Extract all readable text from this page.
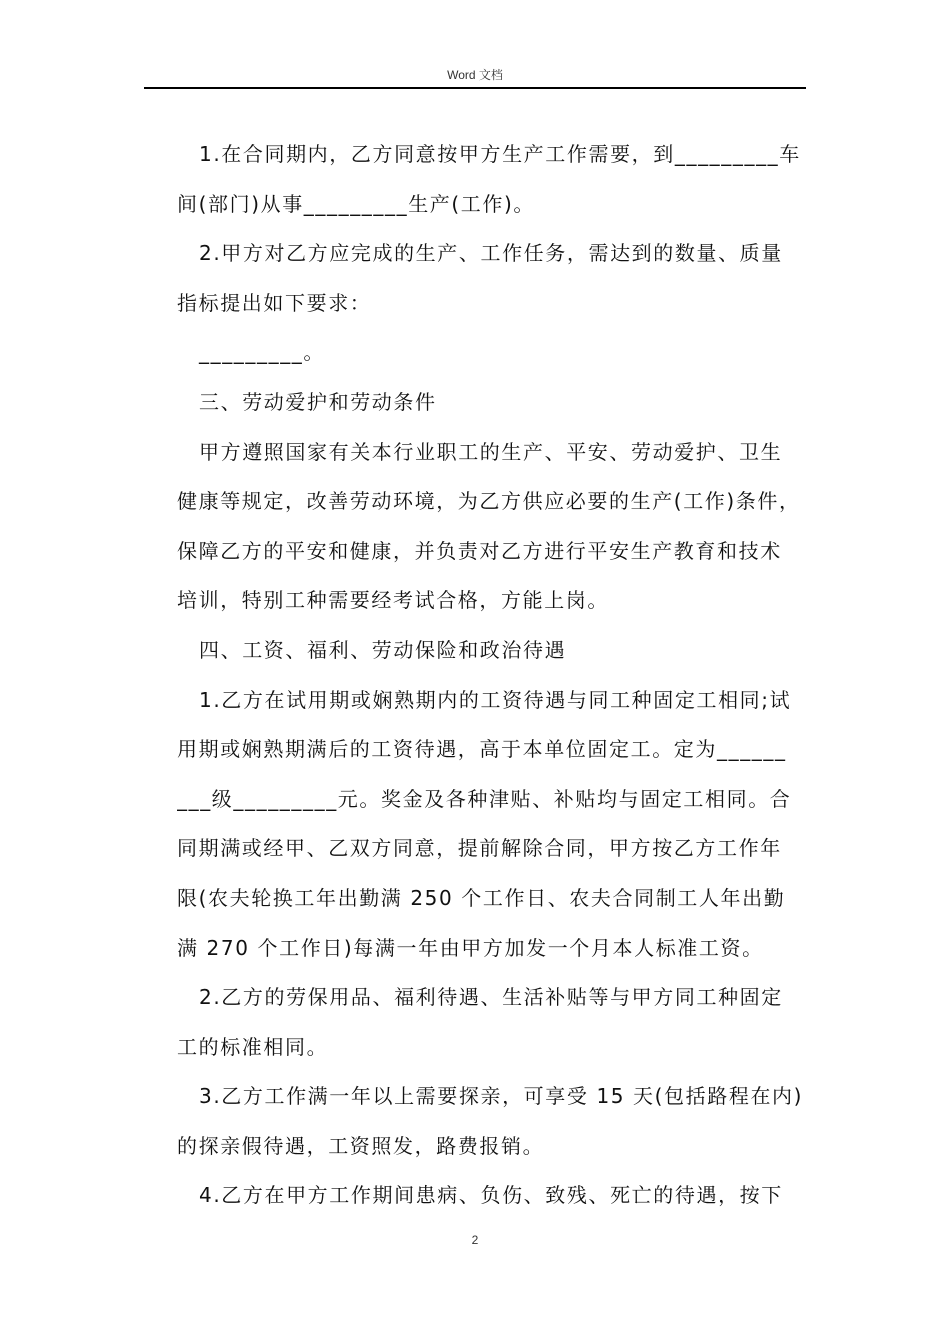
Word 文档
1.在合同期内，乙方同意按甲方生产工作需要，到_________车
间(部门)从事_________生产(工作)。
2.甲方对乙方应完成的生产、工作任务，需达到的数量、质量
指标提出如下要求：
_________。
三、劳动爱护和劳动条件
甲方遵照国家有关本行业职工的生产、平安、劳动爱护、卫生
健康等规定，改善劳动环境，为乙方供应必要的生产(工作)条件，
保障乙方的平安和健康，并负责对乙方进行平安生产教育和技术
培训，特别工种需要经考试合格，方能上岗。
四、工资、福利、劳动保险和政治待遇
1.乙方在试用期或娴熟期内的工资待遇与同工种固定工相同;试
用期或娴熟期满后的工资待遇，高于本单位固定工。定为______
___级_________元。奖金及各种津贴、补贴均与固定工相同。合
同期满或经甲、乙双方同意，提前解除合同，甲方按乙方工作年
限(农夫轮换工年出勤满 250 个工作日、农夫合同制工人年出勤
满 270 个工作日)每满一年由甲方加发一个月本人标准工资。
2.乙方的劳保用品、福利待遇、生活补贴等与甲方同工种固定
工的标准相同。
3.乙方工作满一年以上需要探亲，可享受 15 天(包括路程在内)
的探亲假待遇，工资照发，路费报销。
4.乙方在甲方工作期间患病、负伤、致残、死亡的待遇，按下
2
